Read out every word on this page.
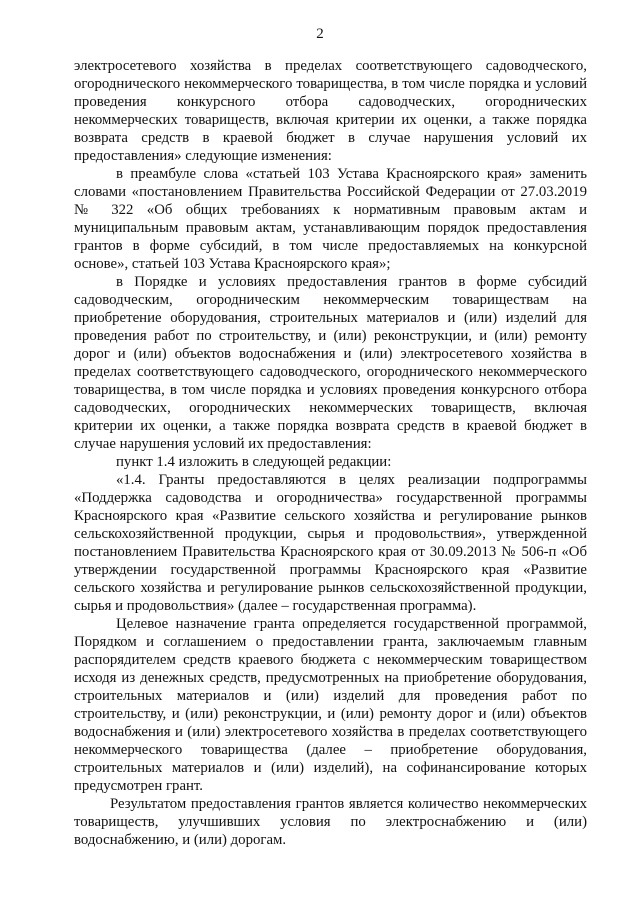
2

электросетевого хозяйства в пределах соответствующего садоводческого, огороднического некоммерческого товарищества, в том числе порядка и условий проведения конкурсного отбора садоводческих, огороднических некоммерческих товариществ, включая критерии их оценки, а также порядка возврата средств в краевой бюджет в случае нарушения условий их предоставления» следующие изменения:

в преамбуле слова «статьей 103 Устава Красноярского края» заменить словами «постановлением Правительства Российской Федерации от 27.03.2019 № 322 «Об общих требованиях к нормативным правовым актам и муниципальным правовым актам, устанавливающим порядок предоставления грантов в форме субсидий, в том числе предоставляемых на конкурсной основе», статьей 103 Устава Красноярского края»;

в Порядке и условиях предоставления грантов в форме субсидий садоводческим, огородническим некоммерческим товариществам на приобретение оборудования, строительных материалов и (или) изделий для проведения работ по строительству, и (или) реконструкции, и (или) ремонту дорог и (или) объектов водоснабжения и (или) электросетевого хозяйства в пределах соответствующего садоводческого, огороднического некоммерческого товарищества, в том числе порядка и условиях проведения конкурсного отбора садоводческих, огороднических некоммерческих товариществ, включая критерии их оценки, а также порядка возврата средств в краевой бюджет в случае нарушения условий их предоставления:

пункт 1.4 изложить в следующей редакции:

«1.4. Гранты предоставляются в целях реализации подпрограммы «Поддержка садоводства и огородничества» государственной программы Красноярского края «Развитие сельского хозяйства и регулирование рынков сельскохозяйственной продукции, сырья и продовольствия», утвержденной постановлением Правительства Красноярского края от 30.09.2013 № 506-п «Об утверждении государственной программы Красноярского края «Развитие сельского хозяйства и регулирование рынков сельскохозяйственной продукции, сырья и продовольствия» (далее – государственная программа).

Целевое назначение гранта определяется государственной программой, Порядком и соглашением о предоставлении гранта, заключаемым главным распорядителем средств краевого бюджета с некоммерческим товариществом исходя из денежных средств, предусмотренных на приобретение оборудования, строительных материалов и (или) изделий для проведения работ по строительству, и (или) реконструкции, и (или) ремонту дорог и (или) объектов водоснабжения и (или) электросетевого хозяйства в пределах соответствующего некоммерческого товарищества (далее – приобретение оборудования, строительных материалов и (или) изделий), на софинансирование которых предусмотрен грант.

Результатом предоставления грантов является количество некоммерческих товариществ, улучшивших условия по электроснабжению и (или) водоснабжению, и (или) дорогам.
